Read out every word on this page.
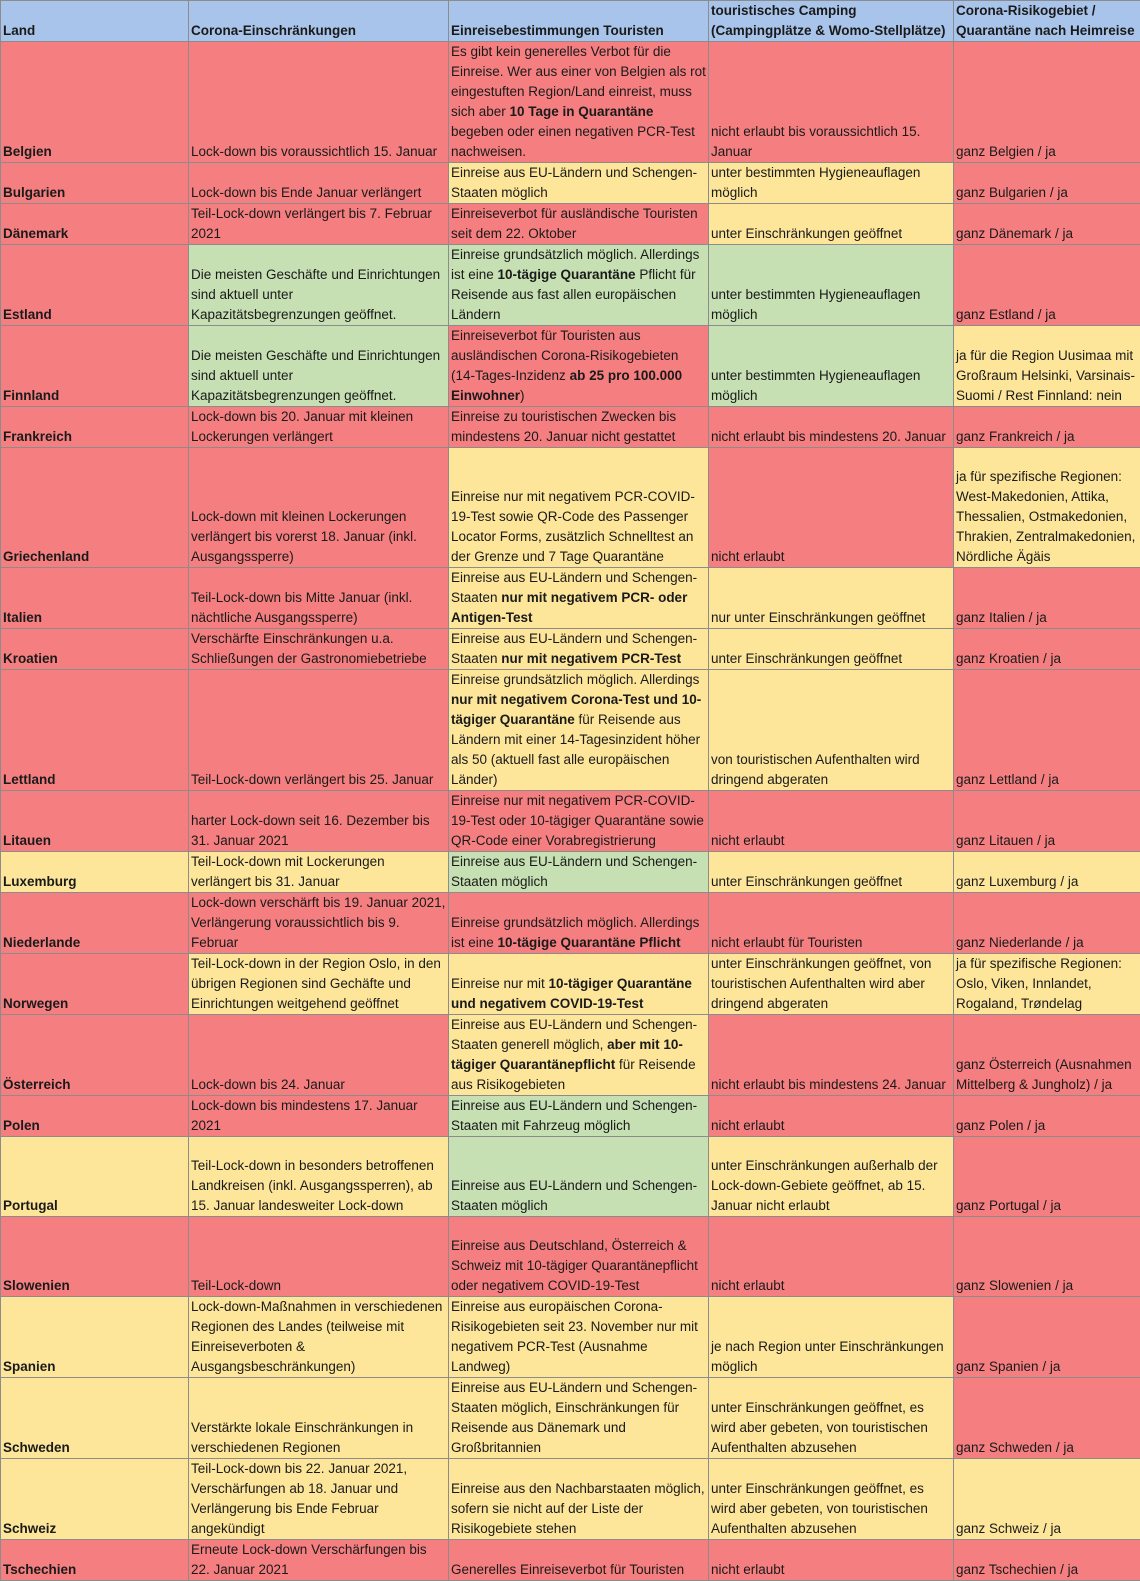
Land	Corona-Einschränkungen	Einreisebestimmungen Touristen	touristisches Camping (Campingplätze & Womo-Stellplätze)	Corona-Risikogebiet / Quarantäne nach Heimreise
Belgien	Lock-down bis voraussichtlich 15. Januar	Es gibt kein generelles Verbot für die Einreise. Wer aus einer von Belgien als rot eingestuften Region/Land einreist, muss sich aber 10 Tage in Quarantäne begeben oder einen negativen PCR-Test nachweisen.	nicht erlaubt bis voraussichtlich 15. Januar	ganz Belgien / ja
Bulgarien	Lock-down bis Ende Januar verlängert	Einreise aus EU-Ländern und Schengen-Staaten möglich	unter bestimmten Hygieneauflagen möglich	ganz Bulgarien / ja
Dänemark	Teil-Lock-down verlängert bis 7. Februar 2021	Einreiseverbot für ausländische Touristen seit dem 22. Oktober	unter Einschränkungen geöffnet	ganz Dänemark / ja
Estland	Die meisten Geschäfte und Einrichtungen sind aktuell unter Kapazitätsbegrenzungen geöffnet.	Einreise grundsätzlich möglich. Allerdings ist eine 10-tägige Quarantäne Pflicht für Reisende aus fast allen europäischen Ländern	unter bestimmten Hygieneauflagen möglich	ganz Estland / ja
Finnland	Die meisten Geschäfte und Einrichtungen sind aktuell unter Kapazitätsbegrenzungen geöffnet.	Einreiseverbot für Touristen aus ausländischen Corona-Risikogebieten (14-Tages-Inzidenz ab 25 pro 100.000 Einwohner)	unter bestimmten Hygieneauflagen möglich	ja für die Region Uusimaa mit Großraum Helsinki, Varsinais-Suomi / Rest Finnland: nein
Frankreich	Lock-down bis 20. Januar mit kleinen Lockerungen verlängert	Einreise zu touristischen Zwecken bis mindestens 20. Januar nicht gestattet	nicht erlaubt bis mindestens 20. Januar	ganz Frankreich / ja
Griechenland	Lock-down mit kleinen Lockerungen verlängert bis vorerst 18. Januar (inkl. Ausgangssperre)	Einreise nur mit negativem PCR-COVID-19-Test sowie QR-Code des Passenger Locator Forms, zusätzlich Schnelltest an der Grenze und 7 Tage Quarantäne	nicht erlaubt	ja für spezifische Regionen: West-Makedonien, Attika, Thessalien, Ostmakedonien, Thrakien, Zentralmakedonien, Nördliche Ägäis
Italien	Teil-Lock-down bis Mitte Januar (inkl. nächtliche Ausgangssperre)	Einreise aus EU-Ländern und Schengen-Staaten nur mit negativem PCR- oder Antigen-Test	nur unter Einschränkungen geöffnet	ganz Italien / ja
Kroatien	Verschärfte Einschränkungen u.a. Schließungen der Gastronomiebetriebe	Einreise aus EU-Ländern und Schengen-Staaten nur mit negativem PCR-Test	unter Einschränkungen geöffnet	ganz Kroatien / ja
Lettland	Teil-Lock-down verlängert bis 25. Januar	Einreise grundsätzlich möglich. Allerdings nur mit negativem Corona-Test und 10-tägiger Quarantäne für Reisende aus Ländern mit einer 14-Tagesinzident höher als 50 (aktuell fast alle europäischen Länder)	von touristischen Aufenthalten wird dringend abgeraten	ganz Lettland / ja
Litauen	harter Lock-down seit 16. Dezember bis 31. Januar 2021	Einreise nur mit negativem PCR-COVID-19-Test oder 10-tägiger Quarantäne sowie QR-Code einer Vorabregistrierung	nicht erlaubt	ganz Litauen / ja
Luxemburg	Teil-Lock-down mit Lockerungen verlängert bis 31. Januar	Einreise aus EU-Ländern und Schengen-Staaten möglich	unter Einschränkungen geöffnet	ganz Luxemburg / ja
Niederlande	Lock-down verschärft bis 19. Januar 2021, Verlängerung voraussichtlich bis 9. Februar	Einreise grundsätzlich möglich. Allerdings ist eine 10-tägige Quarantäne Pflicht	nicht erlaubt für Touristen	ganz Niederlande / ja
Norwegen	Teil-Lock-down in der Region Oslo, in den übrigen Regionen sind Gechäfte und Einrichtungen weitgehend geöffnet	Einreise nur mit 10-tägiger Quarantäne und negativem COVID-19-Test	unter Einschränkungen geöffnet, von touristischen Aufenthalten wird aber dringend abgeraten	ja für spezifische Regionen: Oslo, Viken, Innlandet, Rogaland, Trøndelag
Österreich	Lock-down bis 24. Januar	Einreise aus EU-Ländern und Schengen-Staaten generell möglich, aber mit 10-tägiger Quarantänepflicht für Reisende aus Risikogebieten	nicht erlaubt bis mindestens 24. Januar	ganz Österreich (Ausnahmen Mittelberg & Jungholz) / ja
Polen	Lock-down bis mindestens 17. Januar 2021	Einreise aus EU-Ländern und Schengen-Staaten mit Fahrzeug möglich	nicht erlaubt	ganz Polen / ja
Portugal	Teil-Lock-down in besonders betroffenen Landkreisen (inkl. Ausgangssperren), ab 15. Januar landesweiter Lock-down	Einreise aus EU-Ländern und Schengen-Staaten möglich	unter Einschränkungen außerhalb der Lock-down-Gebiete geöffnet, ab 15. Januar nicht erlaubt	ganz Portugal / ja
Slowenien	Teil-Lock-down	Einreise aus Deutschland, Österreich & Schweiz mit 10-tägiger Quarantänepflicht oder negativem COVID-19-Test	nicht erlaubt	ganz Slowenien / ja
Spanien	Lock-down-Maßnahmen in verschiedenen Regionen des Landes (teilweise mit Einreiseverboten & Ausgangsbeschränkungen)	Einreise aus europäischen Corona-Risikogebieten seit 23. November nur mit negativem PCR-Test (Ausnahme Landweg)	je nach Region unter Einschränkungen möglich	ganz Spanien / ja
Schweden	Verstärkte lokale Einschränkungen in verschiedenen Regionen	Einreise aus EU-Ländern und Schengen-Staaten möglich, Einschränkungen für Reisende aus Dänemark und Großbritannien	unter Einschränkungen geöffnet, es wird aber gebeten, von touristischen Aufenthalten abzusehen	ganz Schweden / ja
Schweiz	Teil-Lock-down bis 22. Januar 2021, Verschärfungen ab 18. Januar und Verlängerung bis Ende Februar angekündigt	Einreise aus den Nachbarstaaten möglich, sofern sie nicht auf der Liste der Risikogebiete stehen	unter Einschränkungen geöffnet, es wird aber gebeten, von touristischen Aufenthalten abzusehen	ganz Schweiz / ja
Tschechien	Erneute Lock-down Verschärfungen bis 22. Januar 2021	Generelles Einreiseverbot für Touristen	nicht erlaubt	ganz Tschechien / ja
